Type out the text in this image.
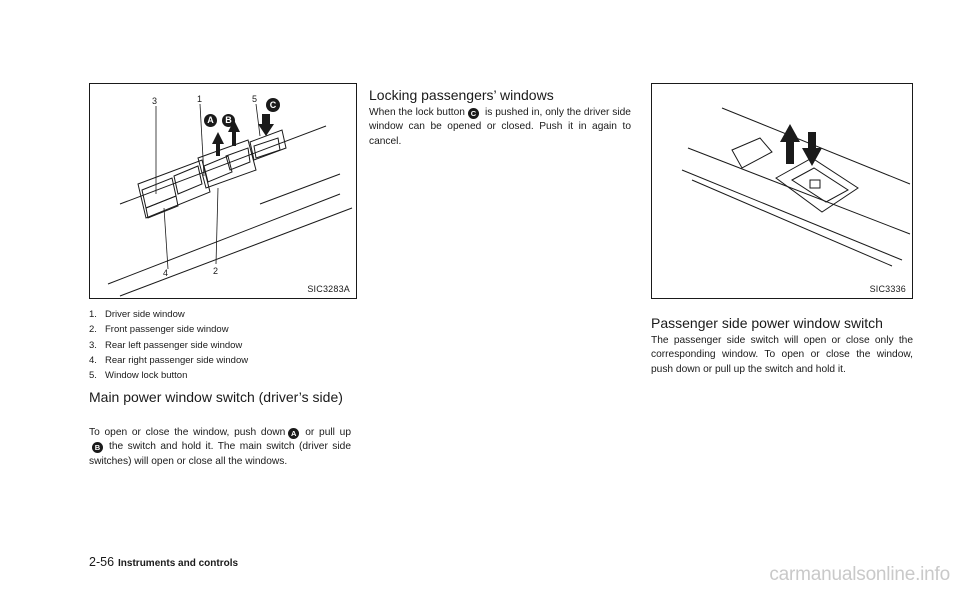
3	1	5
4	2
A	B
C
SIC3283A
1. Driver side window
2. Front passenger side window
3. Rear left passenger side window
4. Rear right passenger side window
5. Window lock button
Main power window switch (driver’s side)
To open or close the window, push down A or pull upB the switch and hold it. The main switch (driver side switches) will open or close all the windows.
Locking passengers’ windows
When the lock button C is pushed in, only the driver side window can be opened or closed. Push it in again to cancel.
SIC3336
Passenger side power window switch
The passenger side switch will open or close only the corresponding window. To open or close the window, push down or pull up the switch and hold it.
2-56 Instruments and controls
carmanualsonline.info
